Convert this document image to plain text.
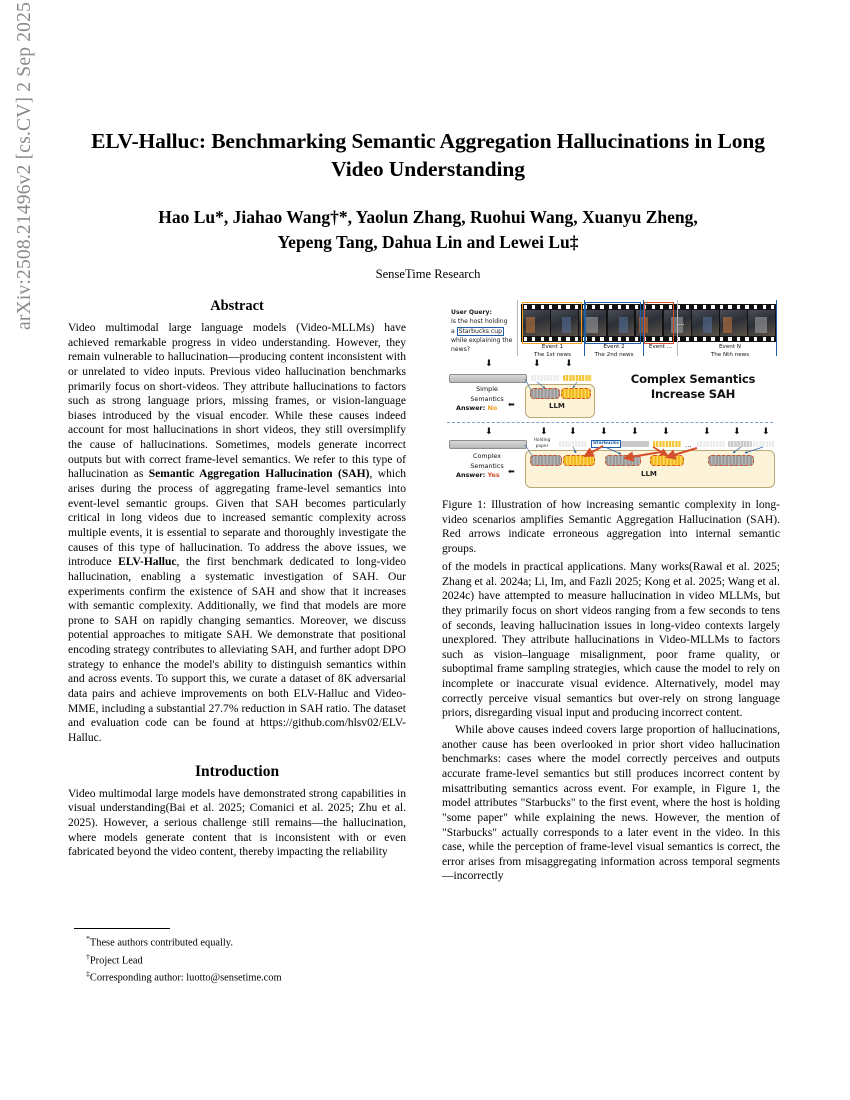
arXiv:2508.21496v2 [cs.CV] 2 Sep 2025	ELV-Halluc: Benchmarking Semantic Aggregation Hallucinations in Long Video Understanding
Hao Lu*, Jiahao Wang†*, Yaolun Zhang, Ruohui Wang, Xuanyu Zheng,
Yepeng Tang, Dahua Lin and Lewei Lu‡
SenseTime Research
Abstract

Video multimodal large language models (Video-MLLMs) have achieved remarkable progress in video understanding. However, they remain vulnerable to hallucination—producing content inconsistent with or unrelated to video inputs. Previous video hallucination benchmarks primarily focus on short-videos. They attribute hallucinations to factors such as strong language priors, missing frames, or vision-language biases introduced by the visual encoder. While these causes indeed account for most hallucinations in short videos, they still oversimplify the cause of hallucinations. Sometimes, models generate incorrect outputs but with correct frame-level semantics. We refer to this type of hallucination as Semantic Aggregation Hallucination (SAH), which arises during the process of aggregating frame-level semantics into event-level semantic groups. Given that SAH becomes particularly critical in long videos due to increased semantic complexity across multiple events, it is essential to separate and thoroughly investigate the causes of this type of hallucination. To address the above issues, we introduce ELV-Halluc, the first benchmark dedicated to long-video hallucination, enabling a systematic investigation of SAH. Our experiments confirm the existence of SAH and show that it increases with semantic complexity. Additionally, we find that models are more prone to SAH on rapidly changing semantics. Moreover, we discuss potential approaches to mitigate SAH. We demonstrate that positional encoding strategy contributes to alleviating SAH, and further adopt DPO strategy to enhance the model's ability to distinguish semantics within and across events. To support this, we curate a dataset of 8K adversarial data pairs and achieve improvements on both ELV-Halluc and Video-MME, including a substantial 27.7% reduction in SAH ratio. The dataset and evaluation code can be found at https://github.com/hlsv02/ELV-Halluc.

Introduction

Video multimodal large models have demonstrated strong capabilities in visual understanding(Bai et al. 2025; Comanici et al. 2025; Zhu et al. 2025). However, a serious challenge still remains—the hallucination, where models generate content that is inconsistent with or even fabricated beyond the video content, thereby impacting the reliability

*These authors contributed equally.
†Project Lead
‡Corresponding author: luotto@sensetime.com
User Query:
Is the host holding
a Starbucks cup
while explaining the
news?
...
Event 1
The 1st news
Event 2
The 2nd news
Event ...	Event N
The Nth news
⬇	⬇	⬇
LLM
Simple
Semantics
Answer: No ⬅
Complex Semantics
Increase SAH
⬇	⬇ ⬇	⬇	⬇	⬇	⬇ ⬇ ⬇
Holding
paper
Starbucks	...
LLM
Complex
Semantics
Answer: Yes ⬅
Figure 1: Illustration of how increasing semantic complexity in long-video scenarios amplifies Semantic Aggregation Hallucination (SAH). Red arrows indicate erroneous aggregation into internal semantic groups.

of the models in practical applications. Many works(Rawal et al. 2025; Zhang et al. 2024a; Li, Im, and Fazli 2025; Kong et al. 2025; Wang et al. 2024c) have attempted to measure hallucination in video MLLMs, but they primarily focus on short videos ranging from a few seconds to tens of seconds, leaving hallucination issues in long-video contexts largely unexplored. They attribute hallucinations in Video-MLLMs to factors such as vision–language misalignment, poor frame quality, or suboptimal frame sampling strategies, which cause the model to rely on incomplete or inaccurate visual evidence. Alternatively, model may correctly perceive visual semantics but over-rely on strong language priors, disregarding visual input and producing incorrect content.

While above causes indeed covers large proportion of hallucinations, another cause has been overlooked in prior short video hallucination benchmarks: cases where the model correctly perceives and outputs accurate frame-level semantics but still produces incorrect content by misattributing semantics across event. For example, in Figure 1, the model attributes "Starbucks" to the first event, where the host is holding "some paper" while explaining the news. However, the mention of "Starbucks" actually corresponds to a later event in the video. In this case, while the perception of frame-level visual semantics is correct, the error arises from misaggregating information across temporal segments—incorrectly
